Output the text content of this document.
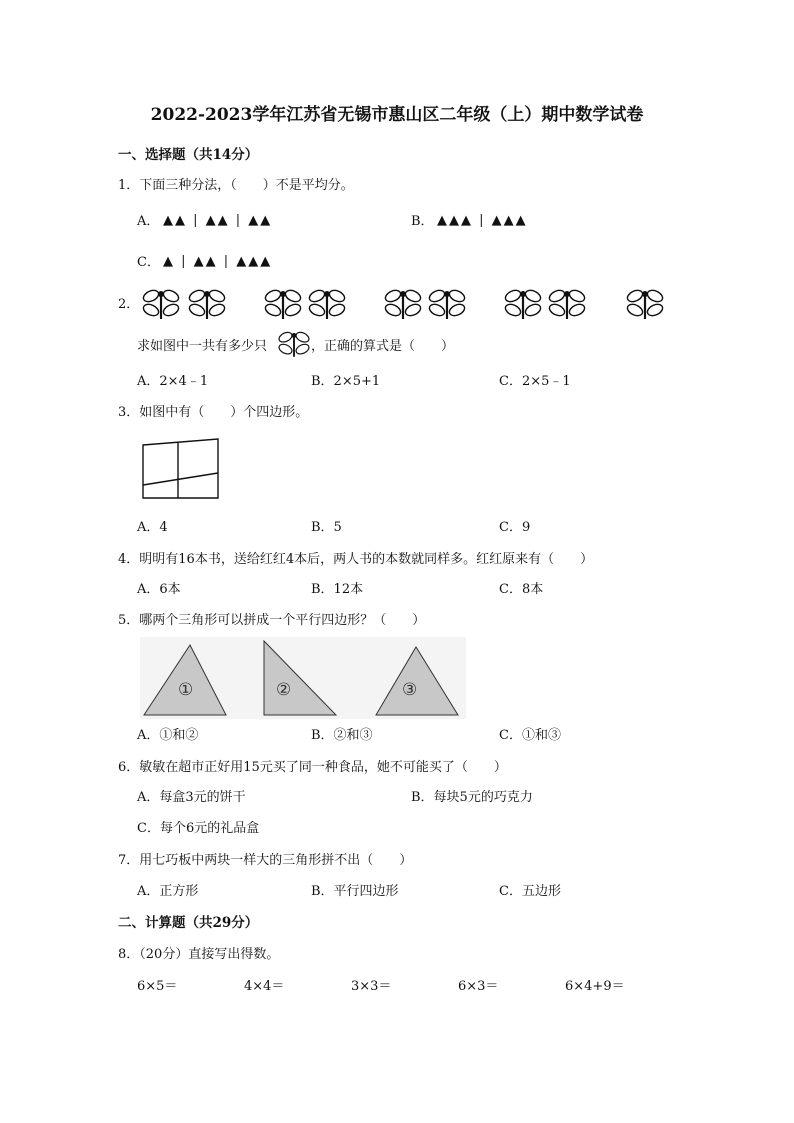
2022-2023学年江苏省无锡市惠山区二年级（上）期中数学试卷
一、选择题（共14分）
1．下面三种分法，（　　）不是平均分。
A． ▲▲ | ▲▲ | ▲▲	B． ▲▲▲ | ▲▲▲
C． ▲ | ▲▲ | ▲▲▲
2．
求如图中一共有多少只	，正确的算式是（　　）
A．2×4﹣1	B．2×5+1	C．2×5﹣1
3．如图中有（　　）个四边形。
A．4	B．5	C．9
4．明明有16本书，送给红红4本后，两人书的本数就同样多。红红原来有（　　）
A．6本	B．12本	C．8本
5．哪两个三角形可以拼成一个平行四边形？（　　）
①	②	③
A．①和②	B．②和③	C．①和③
6．敏敏在超市正好用15元买了同一种食品，她不可能买了（　　）
A．每盒3元的饼干	B．每块5元的巧克力
C．每个6元的礼品盒
7．用七巧板中两块一样大的三角形拼不出（　　）
A．正方形	B．平行四边形	C．五边形
二、计算题（共29分）
8．（20分）直接写出得数。
6×5＝	4×4＝	3×3＝	6×3＝	6×4+9＝
